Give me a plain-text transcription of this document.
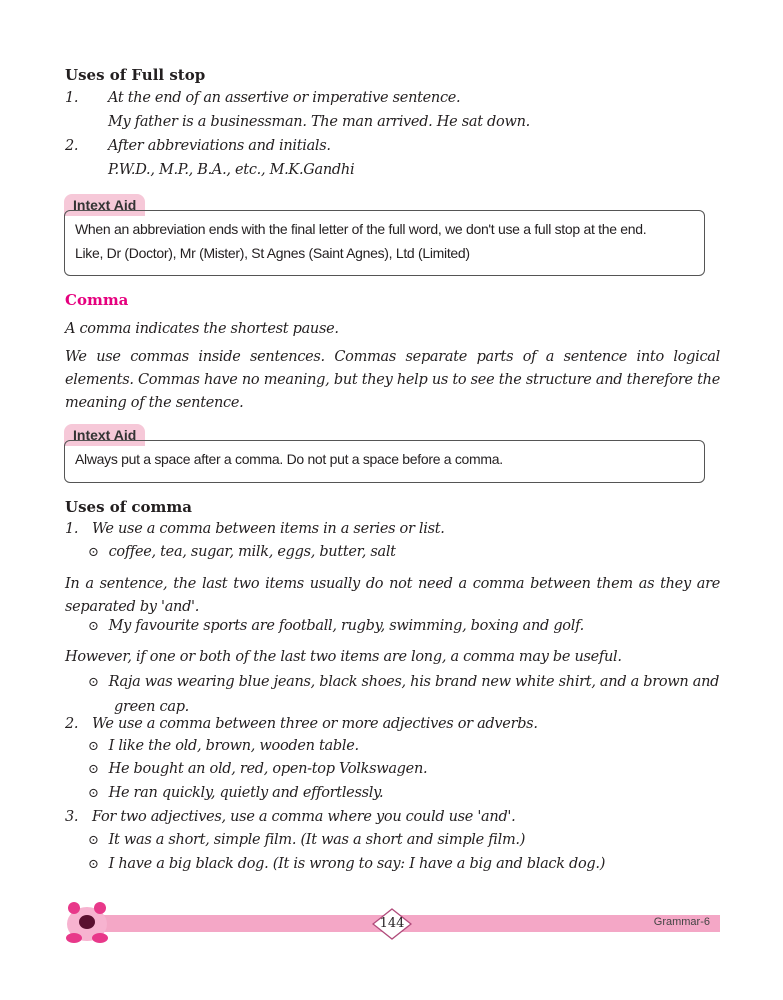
Uses of Full stop
1. At the end of an assertive or imperative sentence.
My father is a businessman. The man arrived. He sat down.
2. After abbreviations and initials.
P.W.D., M.P., B.A., etc., M.K.Gandhi
Intext Aid
When an abbreviation ends with the final letter of the full word, we don't use a full stop at the end.
Like, Dr (Doctor), Mr (Mister), St Agnes (Saint Agnes), Ltd (Limited)
Comma
A comma indicates the shortest pause.
We use commas inside sentences. Commas separate parts of a sentence into logical elements. Commas have no meaning, but they help us to see the structure and therefore the meaning of the sentence.
Intext Aid
Always put a space after a comma. Do not put a space before a comma.
Uses of comma
1. We use a comma between items in a series or list.
⊙ coffee, tea, sugar, milk, eggs, butter, salt
In a sentence, the last two items usually do not need a comma between them as they are separated by 'and'.
⊙ My favourite sports are football, rugby, swimming, boxing and golf.
However, if one or both of the last two items are long, a comma may be useful.
⊙ Raja was wearing blue jeans, black shoes, his brand new white shirt, and a brown and green cap.
2. We use a comma between three or more adjectives or adverbs.
⊙ I like the old, brown, wooden table.
⊙ He bought an old, red, open-top Volkswagen.
⊙ He ran quickly, quietly and effortlessly.
3. For two adjectives, use a comma where you could use 'and'.
⊙ It was a short, simple film. (It was a short and simple film.)
⊙ I have a big black dog. (It is wrong to say: I have a big and black dog.)
144	Grammar-6
